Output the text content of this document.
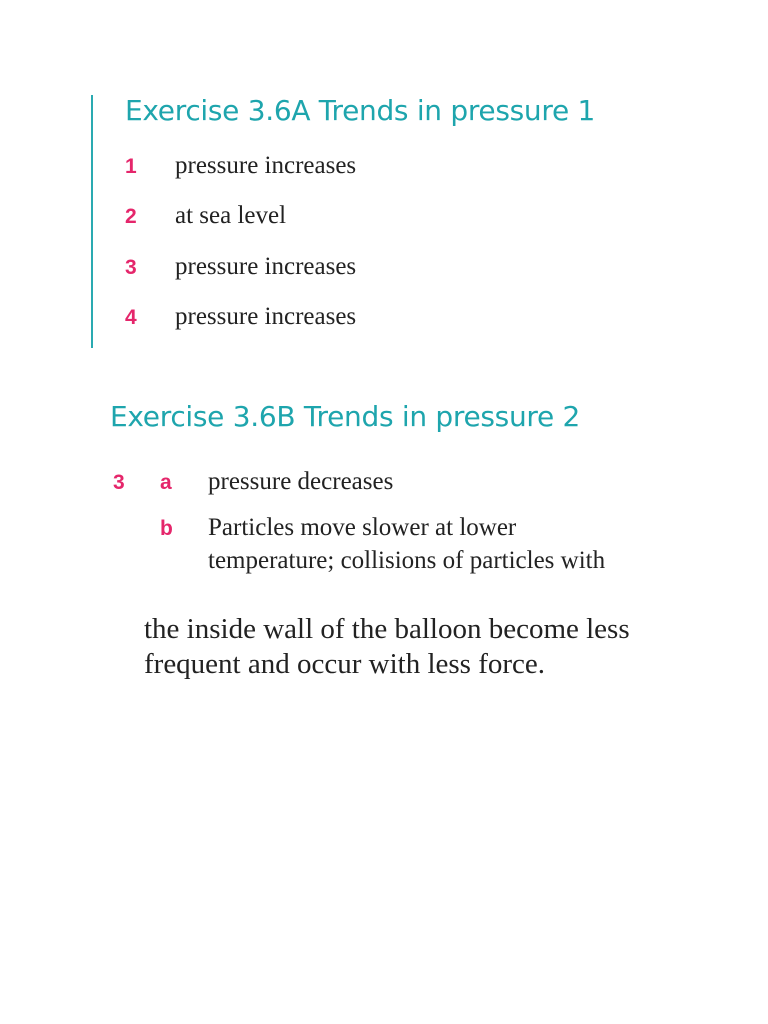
Exercise 3.6A Trends in pressure 1
1 pressure increases
2 at sea level
3 pressure increases
4 pressure increases
Exercise 3.6B Trends in pressure 2
3 a pressure decreases
b Particles move slower at lower
temperature; collisions of particles with
the inside wall of the balloon become less
frequent and occur with less force.
